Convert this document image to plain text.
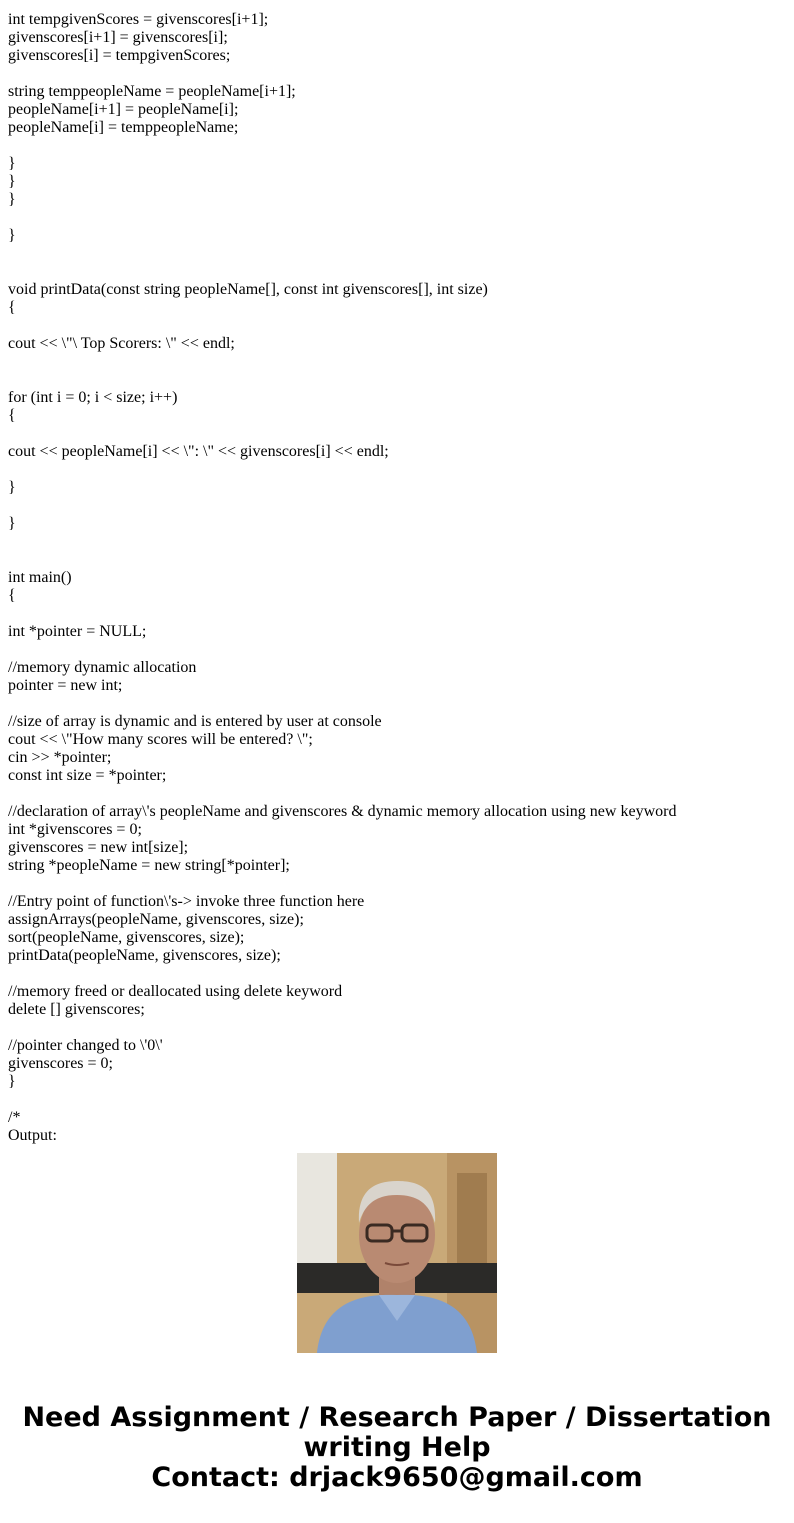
int tempgivenScores = givenscores[i+1];
givenscores[i+1] = givenscores[i];
givenscores[i] = tempgivenScores;
string temppeopleName = peopleName[i+1];
peopleName[i+1] = peopleName[i];
peopleName[i] = temppeopleName;
}
}
}
}
void printData(const string peopleName[], const int givenscores[], int size)
{
cout << \"\ Top Scorers: \" << endl;
for (int i = 0; i < size; i++)
{
cout << peopleName[i] << \": \" << givenscores[i] << endl;
}
}
int main()
{
int *pointer = NULL;
//memory dynamic allocation
pointer = new int;
//size of array is dynamic and is entered by user at console
cout << \"How many scores will be entered? \";
cin >> *pointer;
const int size = *pointer;
//declaration of array\'s peopleName and givenscores & dynamic memory allocation using new keyword
int *givenscores = 0;
givenscores = new int[size];
string *peopleName = new string[*pointer];
//Entry point of function\'s-> invoke three function here
assignArrays(peopleName, givenscores, size);
sort(peopleName, givenscores, size);
printData(peopleName, givenscores, size);
//memory freed or deallocated using delete keyword
delete [] givenscores;
//pointer changed to \'0\'
givenscores = 0;
}
/*
Output:
Need Assignment / Research Paper / Dissertation
writing Help
Contact: drjack9650@gmail.com
